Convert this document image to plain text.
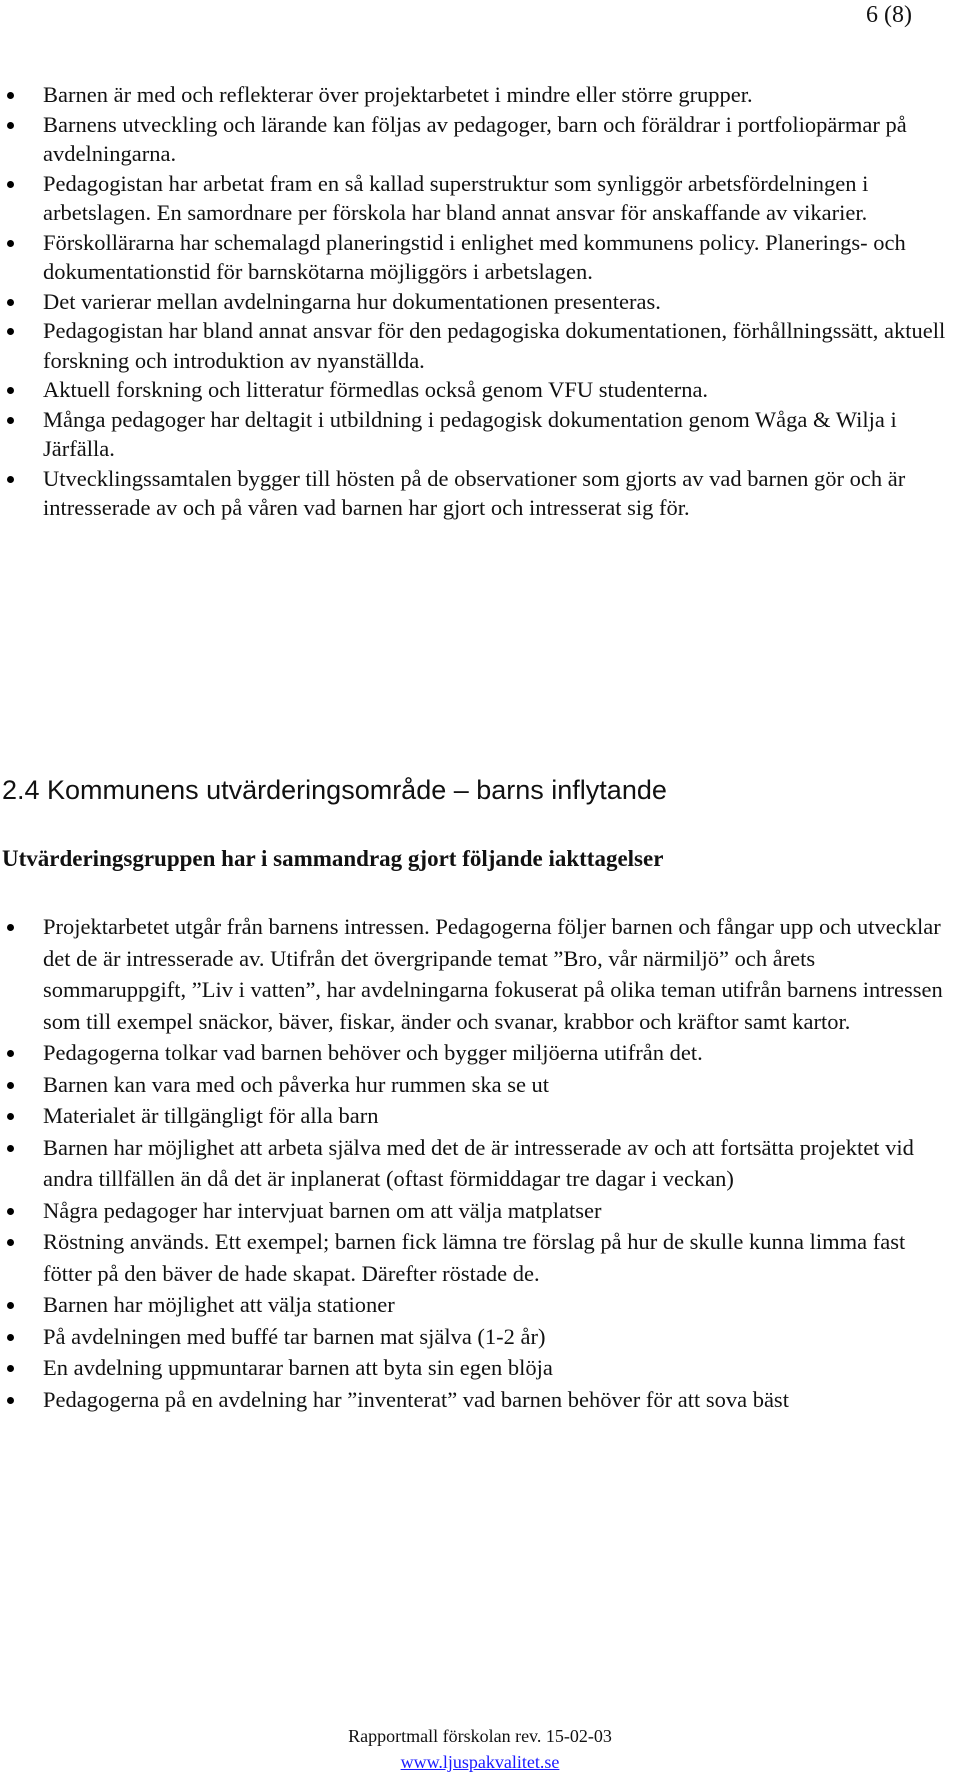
6 (8)
Barnen är med och reflekterar över projektarbetet i mindre eller större grupper.
Barnens utveckling och lärande kan följas av pedagoger, barn och föräldrar i portfoliopärmar på avdelningarna.
Pedagogistan har arbetat fram en så kallad superstruktur som synliggör arbetsfördelningen i arbetslagen. En samordnare per förskola har bland annat ansvar för anskaffande av vikarier.
Förskollärarna har schemalagd planeringstid i enlighet med kommunens policy. Planerings- och dokumentationstid för barnskötarna möjliggörs i arbetslagen.
Det varierar mellan avdelningarna hur dokumentationen presenteras.
Pedagogistan har bland annat ansvar för den pedagogiska dokumentationen, förhållningssätt, aktuell forskning och introduktion av nyanställda.
Aktuell forskning och litteratur förmedlas också genom VFU studenterna.
Många pedagoger har deltagit i utbildning i pedagogisk dokumentation genom Wåga & Wilja i Järfälla.
Utvecklingssamtalen bygger till hösten på de observationer som gjorts av vad barnen gör och är intresserade av och på våren vad barnen har gjort och intresserat sig för.
2.4 Kommunens utvärderingsområde – barns inflytande
Utvärderingsgruppen har i sammandrag gjort följande iakttagelser
Projektarbetet utgår från barnens intressen. Pedagogerna följer barnen och fångar upp och utvecklar det de är intresserade av. Utifrån det övergripande temat ”Bro, vår närmiljö” och årets sommaruppgift, ”Liv i vatten”, har avdelningarna fokuserat på olika teman utifrån barnens intressen som till exempel snäckor, bäver, fiskar, änder och svanar, krabbor och kräftor samt kartor.
Pedagogerna tolkar vad barnen behöver och bygger miljöerna utifrån det.
Barnen kan vara med och påverka hur rummen ska se ut
Materialet är tillgängligt för alla barn
Barnen har möjlighet att arbeta själva med det de är intresserade av och att fortsätta projektet vid andra tillfällen än då det är inplanerat (oftast förmiddagar tre dagar i veckan)
Några pedagoger har intervjuat barnen om att välja matplatser
Röstning används. Ett exempel; barnen fick lämna tre förslag på hur de skulle kunna limma fast fötter på den bäver de hade skapat. Därefter röstade de.
Barnen har möjlighet att välja stationer
På avdelningen med buffé tar barnen mat själva (1-2 år)
En avdelning uppmuntarar barnen att byta sin egen blöja
Pedagogerna på en avdelning har ”inventerat” vad barnen behöver för att sova bäst
Rapportmall förskolan rev. 15-02-03
www.ljuspakvalitet.se
